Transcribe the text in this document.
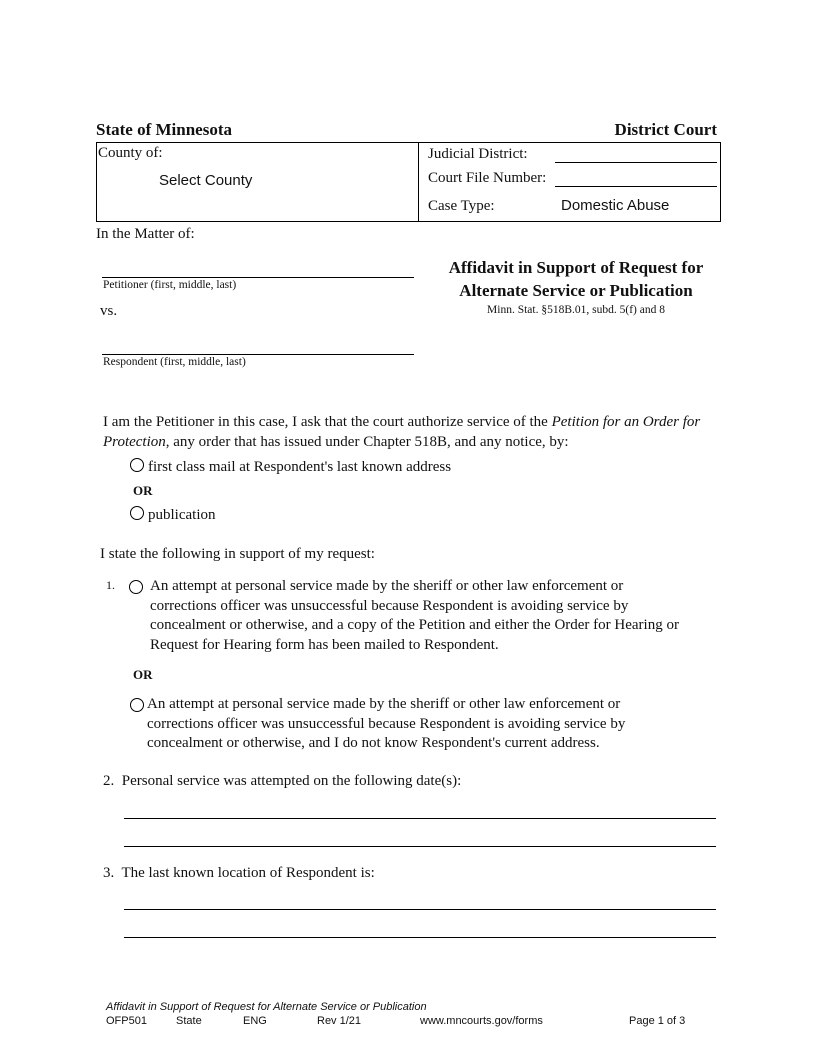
State of Minnesota	District Court
County of:
Select County
Judicial District:
Court File Number:
Case Type:	Domestic Abuse
In the Matter of:
Petitioner (first, middle, last)
vs.
Respondent (first, middle, last)
Affidavit in Support of Request for
Alternate Service or Publication
Minn. Stat. §518B.01, subd. 5(f) and 8
I am the Petitioner in this case, I ask that the court authorize service of the Petition for an Order for Protection, any order that has issued under Chapter 518B, and any notice, by:
first class mail at Respondent's last known address
OR
publication
I state the following in support of my request:
1. An attempt at personal service made by the sheriff or other law enforcement or
corrections officer was unsuccessful because Respondent is avoiding service by
concealment or otherwise, and a copy of the Petition and either the Order for Hearing or
Request for Hearing form has been mailed to Respondent.
OR
An attempt at personal service made by the sheriff or other law enforcement or
corrections officer was unsuccessful because Respondent is avoiding service by
concealment or otherwise, and I do not know Respondent's current address.
2.  Personal service was attempted on the following date(s):
3.  The last known location of Respondent is:
Affidavit in Support of Request for Alternate Service or Publication
OFP501	State	ENG	Rev 1/21	www.mncourts.gov/forms	Page 1 of 3
